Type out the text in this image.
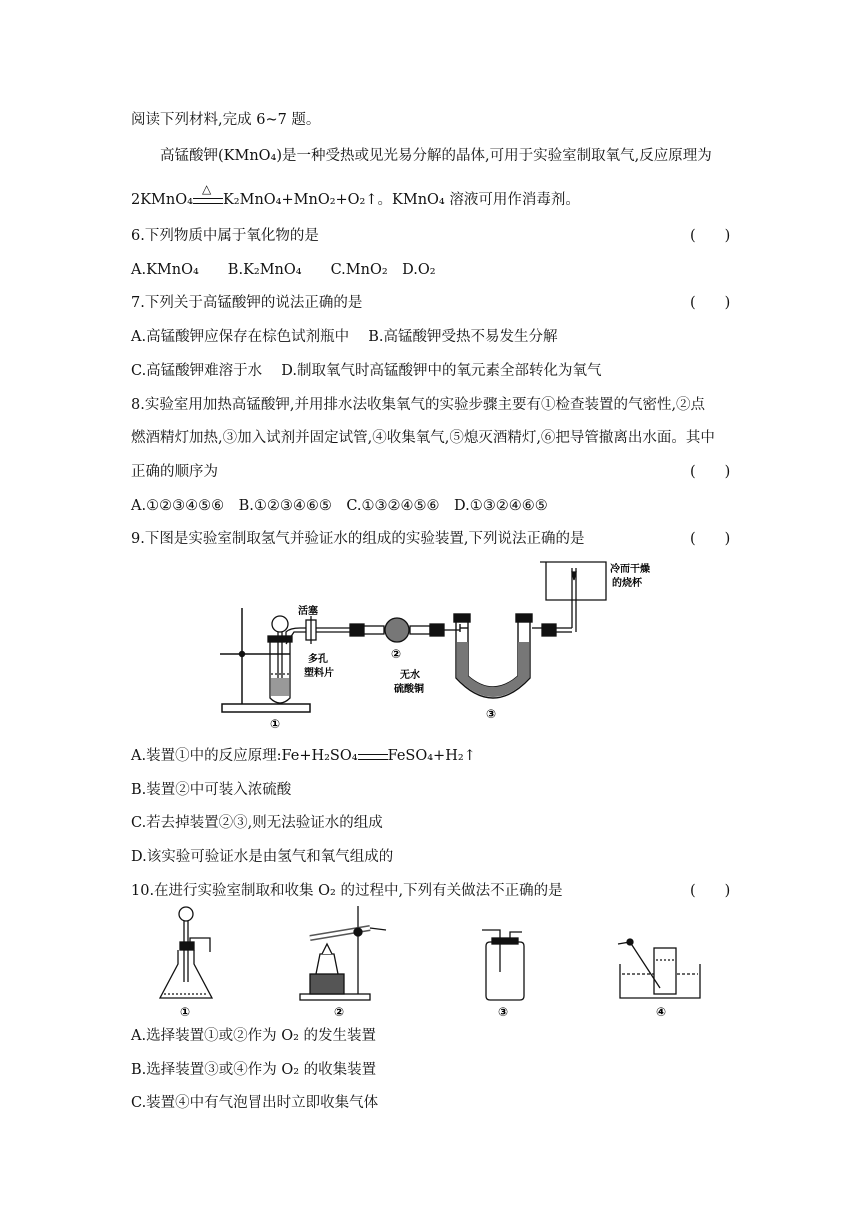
阅读下列材料,完成 6~7 题。
高锰酸钾(KMnO₄)是一种受热或见光易分解的晶体,可用于实验室制取氧气,反应原理为
2KMnO₄
△
K₂MnO₄+MnO₂+O₂↑。KMnO₄ 溶液可用作消毒剂。
6.下列物质中属于氧化物的是	(　　)
A.KMnO₄　　B.K₂MnO₄　　C.MnO₂　D.O₂
7.下列关于高锰酸钾的说法正确的是	(　　)
A.高锰酸钾应保存在棕色试剂瓶中　 B.高锰酸钾受热不易发生分解
C.高锰酸钾难溶于水　 D.制取氧气时高锰酸钾中的氧元素全部转化为氧气
8.实验室用加热高锰酸钾,并用排水法收集氧气的实验步骤主要有①检查装置的气密性,②点
燃酒精灯加热,③加入试剂并固定试管,④收集氧气,⑤熄灭酒精灯,⑥把导管撤离出水面。其中
正确的顺序为	(　　)
A.①②③④⑤⑥　B.①②③④⑥⑤　C.①③②④⑤⑥　D.①③②④⑥⑤
9.下图是实验室制取氢气并验证水的组成的实验装置,下列说法正确的是	(　　)
活塞
多孔
塑料片
①
②
无水
硫酸铜
③
冷而干燥
的烧杯
A.装置①中的反应原理:Fe+H₂SO₄ FeSO₄+H₂↑
B.装置②中可装入浓硫酸
C.若去掉装置②③,则无法验证水的组成
D.该实验可验证水是由氢气和氧气组成的
10.在进行实验室制取和收集 O₂ 的过程中,下列有关做法不正确的是	(　　)
①	②	③	④
A.选择装置①或②作为 O₂ 的发生装置
B.选择装置③或④作为 O₂ 的收集装置
C.装置④中有气泡冒出时立即收集气体
